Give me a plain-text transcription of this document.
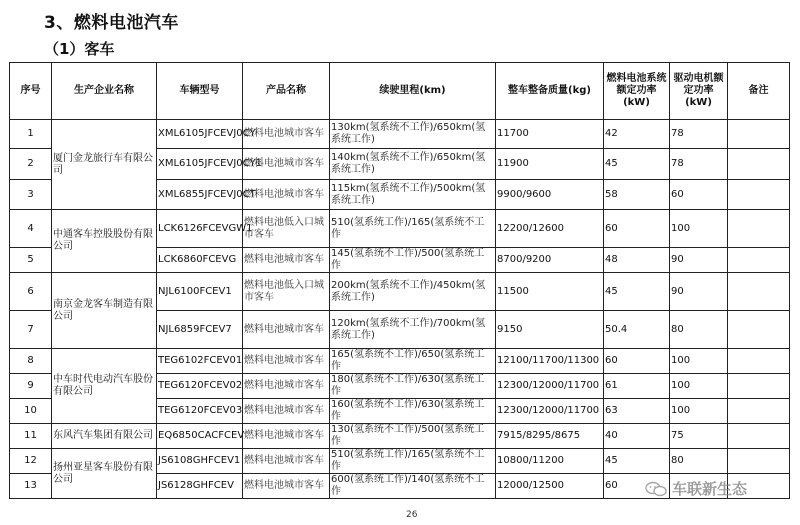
3、燃料电池汽车
（1）客车
序号	生产企业名称	车辆型号	产品名称	续驶里程(km)	整车整备质量(kg)	燃料电池系统额定功率(kW)	驱动电机额定功率(kW)	备注
1	厦门金龙旅行车有限公司	XML6105JFCEVJ0CY	燃料电池城市客车	130km(氢系统不工作)/650km(氢系统工作)	11700	42	78	
2		XML6105JFCEVJ0CY1	燃料电池城市客车	140km(氢系统不工作)/650km(氢系统工作)	11900	45	78	
3		XML6855JFCEVJ0CT	燃料电池城市客车	115km(氢系统不工作)/500km(氢系统工作)	9900/9600	58	60	
4	中通客车控股股份有限公司	LCK6126FCEVGW1	燃料电池低入口城市客车	510(氢系统工作)/165(氢系统不工作	12200/12600	60	100	
5		LCK6860FCEVG	燃料电池城市客车	145(氢系统不工作)/500(氢系统工作	8700/9200	48	90	
6	南京金龙客车制造有限公司	NJL6100FCEV1	燃料电池低入口城市客车	200km(氢系统不工作)/450km(氢系统工作)	11500	45	90	
7		NJL6859FCEV7	燃料电池城市客车	120km(氢系统不工作)/700km(氢系统工作)	9150	50.4	80	
8	中车时代电动汽车股份有限公司	TEG6102FCEV01	燃料电池城市客车	165(氢系统不工作)/650(氢系统工作	12100/11700/11300	60	100	
9		TEG6120FCEV02	燃料电池城市客车	180(氢系统不工作)/630(氢系统工作	12300/12000/11700	61	100	
10		TEG6120FCEV03	燃料电池城市客车	160(氢系统不工作)/630(氢系统工作	12300/12000/11700	63	100	
11	东风汽车集团有限公司	EQ6850CACFCEV	燃料电池城市客车	130(氢系统不工作)/500(氢系统工作	7915/8295/8675	40	75	
12	扬州亚星客车股份有限公司	JS6108GHFCEV1	燃料电池城市客车	510(氢系统工作)/165(氢系统不工作	10800/11200	45	80	
13		JS6128GHFCEV	燃料电池城市客车	600(氢系统工作)/140(氢系统不工作	12000/12500	60		
26
车联新生态
